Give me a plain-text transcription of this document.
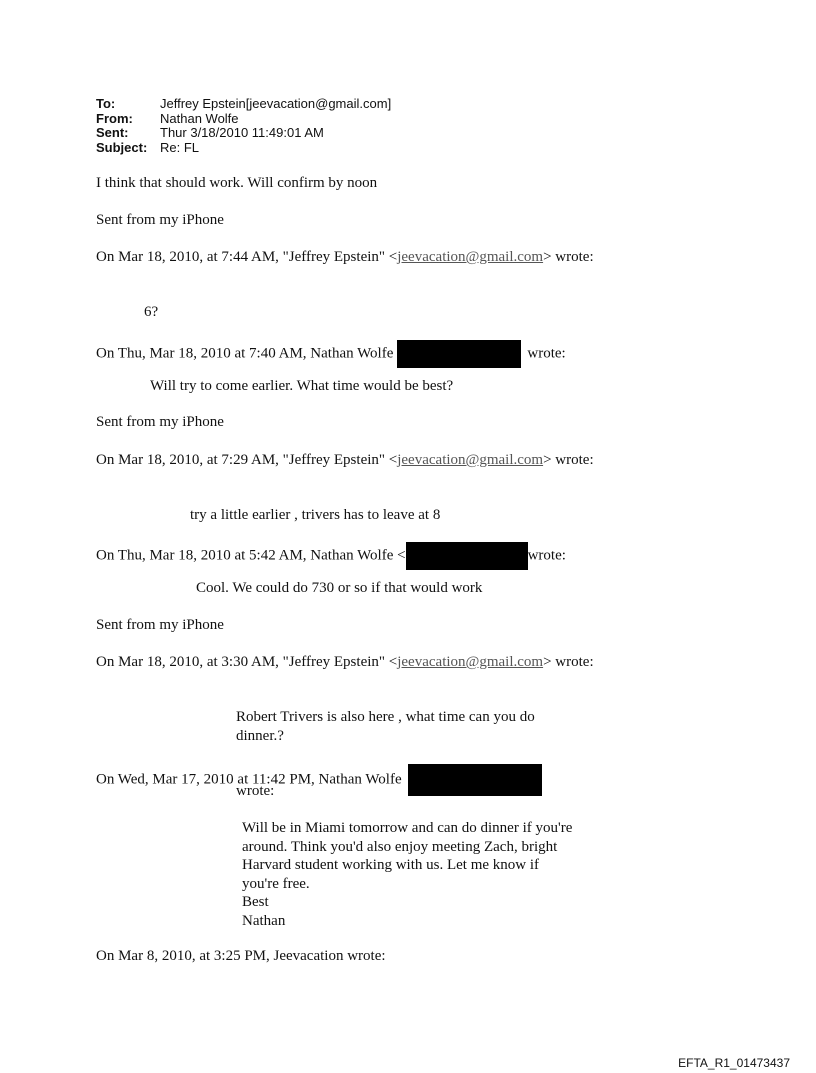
To:	Jeffrey Epstein[jeevacation@gmail.com]
From:	Nathan Wolfe
Sent:	Thur 3/18/2010 11:49:01 AM
Subject: Re: FL
I think that should work. Will confirm by noon
Sent from my iPhone
On Mar 18, 2010, at 7:44 AM, "Jeffrey Epstein" <jeevacation@gmail.com> wrote:
6?
On Thu, Mar 18, 2010 at 7:40 AM, Nathan Wolfe	wrote:
Will try to come earlier. What time would be best?
Sent from my iPhone
On Mar 18, 2010, at 7:29 AM, "Jeffrey Epstein" <jeevacation@gmail.com> wrote:
try a little earlier , trivers has to leave at 8
On Thu, Mar 18, 2010 at 5:42 AM, Nathan Wolfe <	wrote:
Cool. We could do 730 or so if that would work
Sent from my iPhone
On Mar 18, 2010, at 3:30 AM, "Jeffrey Epstein" <jeevacation@gmail.com> wrote:
Robert Trivers is also here , what time can you do
dinner.?
On Wed, Mar 17, 2010 at 11:42 PM, Nathan Wolfe
wrote:
Will be in Miami tomorrow and can do dinner if you're
around. Think you'd also enjoy meeting Zach, bright
Harvard student working with us. Let me know if
you're free.
Best
Nathan
On Mar 8, 2010, at 3:25 PM, Jeevacation wrote:
EFTA_R1_01473437
